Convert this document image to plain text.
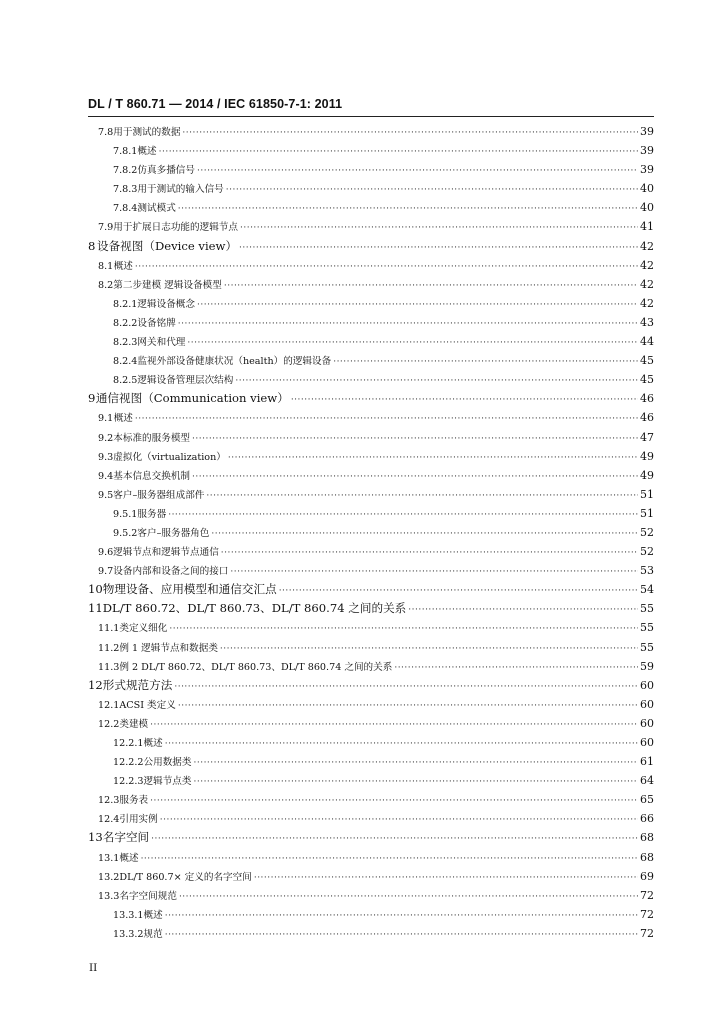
DL / T 860.71 — 2014 / IEC 61850-7-1: 2011
7.8 用于测试的数据 ·····	39
7.8.1 概述 ·····	39
7.8.2 仿真多播信号 ·····	39
7.8.3 用于测试的输入信号 ·····	40
7.8.4 测试模式 ·····	40
7.9 用于扩展日志功能的逻辑节点 ·····	41
8 设备视图（Device view） ·····	42
8.1 概述 ·····	42
8.2 第二步建模 逻辑设备模型 ·····	42
8.2.1 逻辑设备概念 ·····	42
8.2.2 设备铭牌 ·····	43
8.2.3 网关和代理 ·····	44
8.2.4 监视外部设备健康状况（health）的逻辑设备 ·····	45
8.2.5 逻辑设备管理层次结构 ·····	45
9 通信视图（Communication view） ·····	46
9.1 概述 ·····	46
9.2 本标准的服务模型 ·····	47
9.3 虚拟化（virtualization） ·····	49
9.4 基本信息交换机制 ·····	49
9.5 客户–服务器组成部件 ·····	51
9.5.1 服务器 ·····	51
9.5.2 客户–服务器角色 ·····	52
9.6 逻辑节点和逻辑节点通信 ·····	52
9.7 设备内部和设备之间的接口 ·····	53
10 物理设备、应用模型和通信交汇点 ·····	54
11 DL/T 860.72、DL/T 860.73、DL/T 860.74 之间的关系 ·····	55
11.1 类定义细化 ·····	55
11.2 例 1 逻辑节点和数据类 ·····	55
11.3 例 2 DL/T 860.72、DL/T 860.73、DL/T 860.74 之间的关系 ·····	59
12 形式规范方法 ·····	60
12.1 ACSI 类定义 ·····	60
12.2 类建模 ·····	60
12.2.1 概述 ·····	60
12.2.2 公用数据类 ·····	61
12.2.3 逻辑节点类 ·····	64
12.3 服务表 ·····	65
12.4 引用实例 ·····	66
13 名字空间 ·····	68
13.1 概述 ·····	68
13.2 DL/T 860.7× 定义的名字空间 ·····	69
13.3 名字空间规范 ·····	72
13.3.1 概述 ·····	72
13.3.2 规范 ·····	72
II
